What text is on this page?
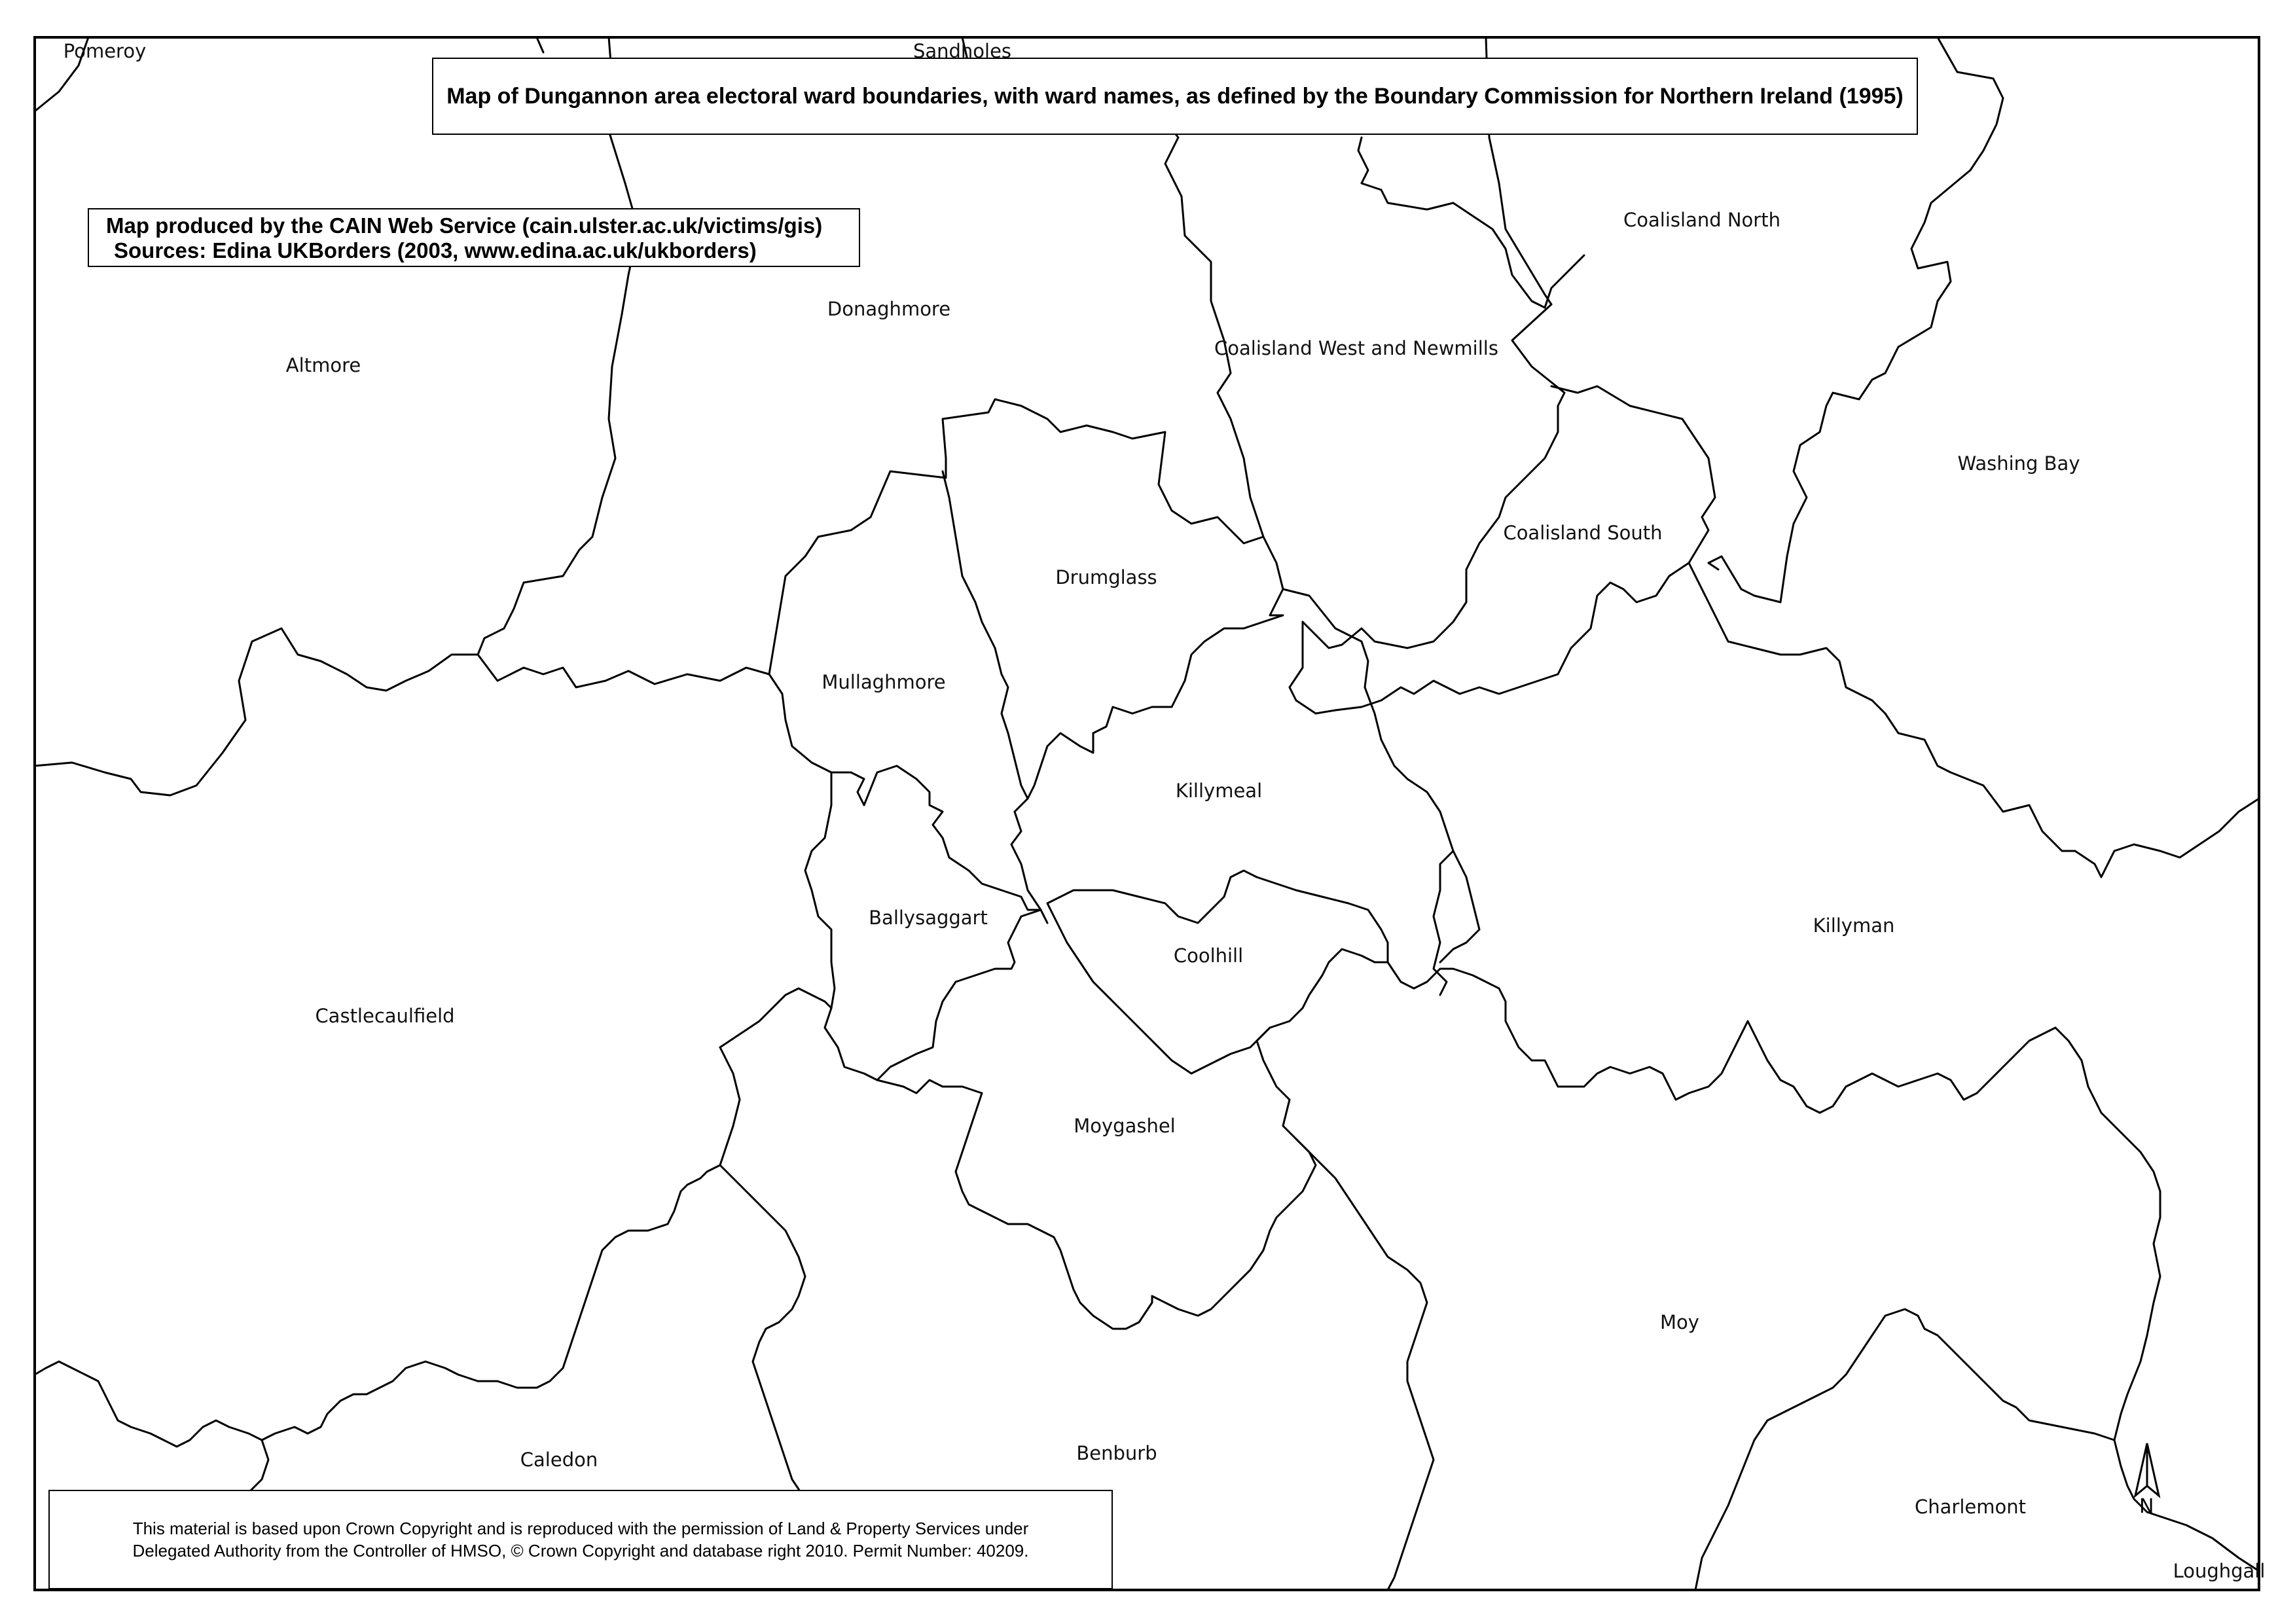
Map of Dungannon area electoral ward boundaries, with ward names, as defined by the Boundary Commission for Northern Ireland (1995)
Map produced by the CAIN Web Service (cain.ulster.ac.uk/victims/gis)
Sources: Edina UKBorders (2003, www.edina.ac.uk/ukborders)
This material is based upon Crown Copyright and is reproduced with the permission of Land & Property Services under
Delegated Authority from the Controller of HMSO, © Crown Copyright and database right 2010. Permit Number: 40209.
N
Pomeroy	Sandholes
Coalisland North
Donaghmore
Altmore
Coalisland West and Newmills
Washing Bay
Coalisland South
Drumglass
Mullaghmore
Killymeal
Killyman
Ballysaggart
Coolhill
Castlecaulfield
Moygashel
Moy
Caledon	Benburb
Charlemont
Loughgall
